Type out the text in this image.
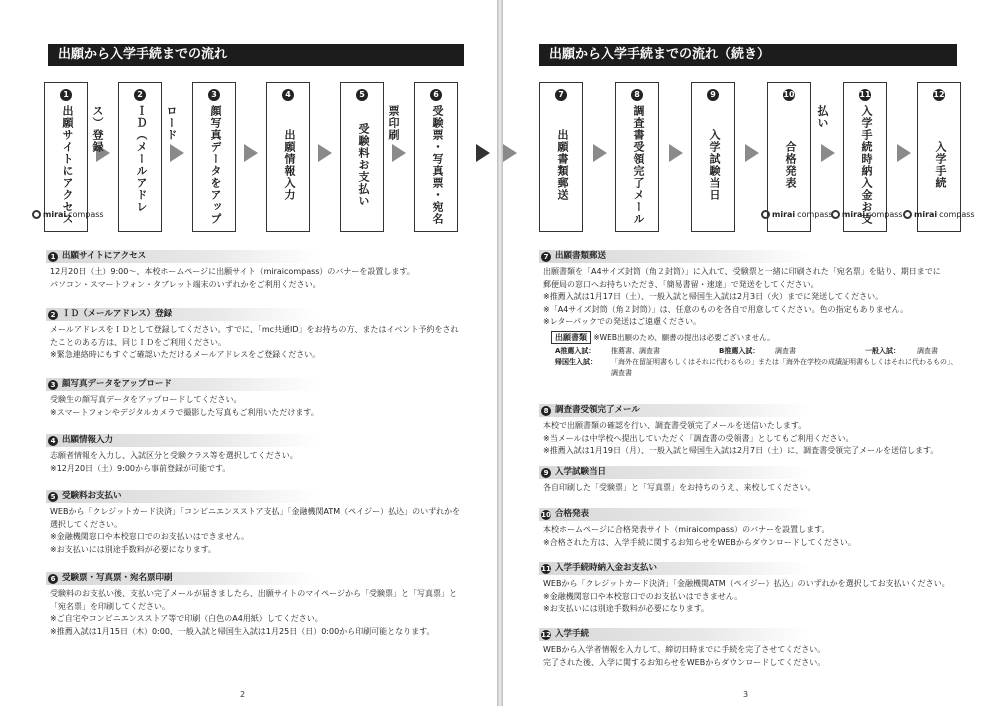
出願から入学手続までの流れ
1
出願サイトにアクセス
2
ＩＤ（メールアドレス）登録
3
顔写真データをアップロード
4
出願情報入力
5
受験料お支払い
6
受験票・写真票・宛名票印刷
mirai compass
1 出願サイトにアクセス

12月20日（土）9:00～、本校ホームページに出願サイト（miraicompass）のバナーを設置します。

パソコン・スマートフォン・タブレット端末のいずれかをご利用ください。

2 ＩＤ（メールアドレス）登録

メールアドレスをＩＤとして登録してください。すでに、「mc共通ID」をお持ちの方、またはイベント予約をされ

たことのある方は、同じＩＤをご利用ください。

※緊急連絡時にもすぐご確認いただけるメールアドレスをご登録ください。

3 顔写真データをアップロード

受験生の顔写真データをアップロードしてください。

※スマートフォンやデジタルカメラで撮影した写真もご利用いただけます。

4 出願情報入力

志願者情報を入力し、入試区分と受験クラス等を選択してください。

※12月20日（土）9:00から事前登録が可能です。

5 受験料お支払い

WEBから「クレジットカード決済」「コンビニエンスストア支払」「金融機関ATM（ペイジー）払込」のいずれかを

選択してください。

※金融機関窓口や本校窓口でのお支払いはできません。

※お支払いには別途手数料が必要になります。

6 受験票・写真票・宛名票印刷

受験料のお支払い後、支払い完了メールが届きましたら、出願サイトのマイページから「受験票」と「写真票」と

「宛名票」を印刷してください。

※ご自宅やコンビニエンスストア等で印刷（白色のA4用紙）してください。

※推薦入試は1月15日（木）0:00、一般入試と帰国生入試は1月25日（日）0:00から印刷可能となります。

2
出願から入学手続までの流れ（続き）
7
出願書類郵送
8
調査書受領完了メール
9
入学試験当日
10
合格発表
11
入学手続時納入金お支払い
12
入学手続
mirai compass mirai compass mirai compass
7 出願書類郵送

出願書類を「A4サイズ封筒（角２封筒）」に入れて、受験票と一緒に印刷された「宛名票」を貼り、期日までに

郵便局の窓口へお持ちいただき、「簡易書留・速達」で発送をしてください。

※推薦入試は1月17日（土）、一般入試と帰国生入試は2月3日（火）までに発送してください。

※「A4サイズ封筒（角２封筒）」は、任意のものを各自で用意してください。色の指定もありません。

※レターパックでの発送はご遠慮ください。

出願書類 ※WEB出願のため、願書の提出は必要ございません。
A推薦入試：	推薦書、調査書	B推薦入試：	調査書	一般入試：	調査書
帰国生入試：	「海外在留証明書もしくはそれに代わるもの」または「海外在学校の成績証明書もしくはそれに代わるもの」、
調査書
8 調査書受領完了メール

本校で出願書類の確認を行い、調査書受領完了メールを送信いたします。

※当メールは中学校へ提出していただく「調査書の受領書」としてもご利用ください。

※推薦入試は1月19日（月）、一般入試と帰国生入試は2月7日（土）に、調査書受領完了メールを送信します。

9 入学試験当日

各自印刷した「受験票」と「写真票」をお持ちのうえ、来校してください。

10 合格発表

本校ホームページに合格発表サイト（miraicompass）のバナーを設置します。

※合格された方は、入学手続に関するお知らせをWEBからダウンロードしてください。

11 入学手続時納入金お支払い

WEBから「クレジットカード決済」「金融機関ATM（ペイジー）払込」のいずれかを選択してお支払いください。

※金融機関窓口や本校窓口でのお支払いはできません。

※お支払いには別途手数料が必要になります。

12 入学手続

WEBから入学者情報を入力して、締切日時までに手続を完了させてください。

完了された後、入学に関するお知らせをWEBからダウンロードしてください。

3
